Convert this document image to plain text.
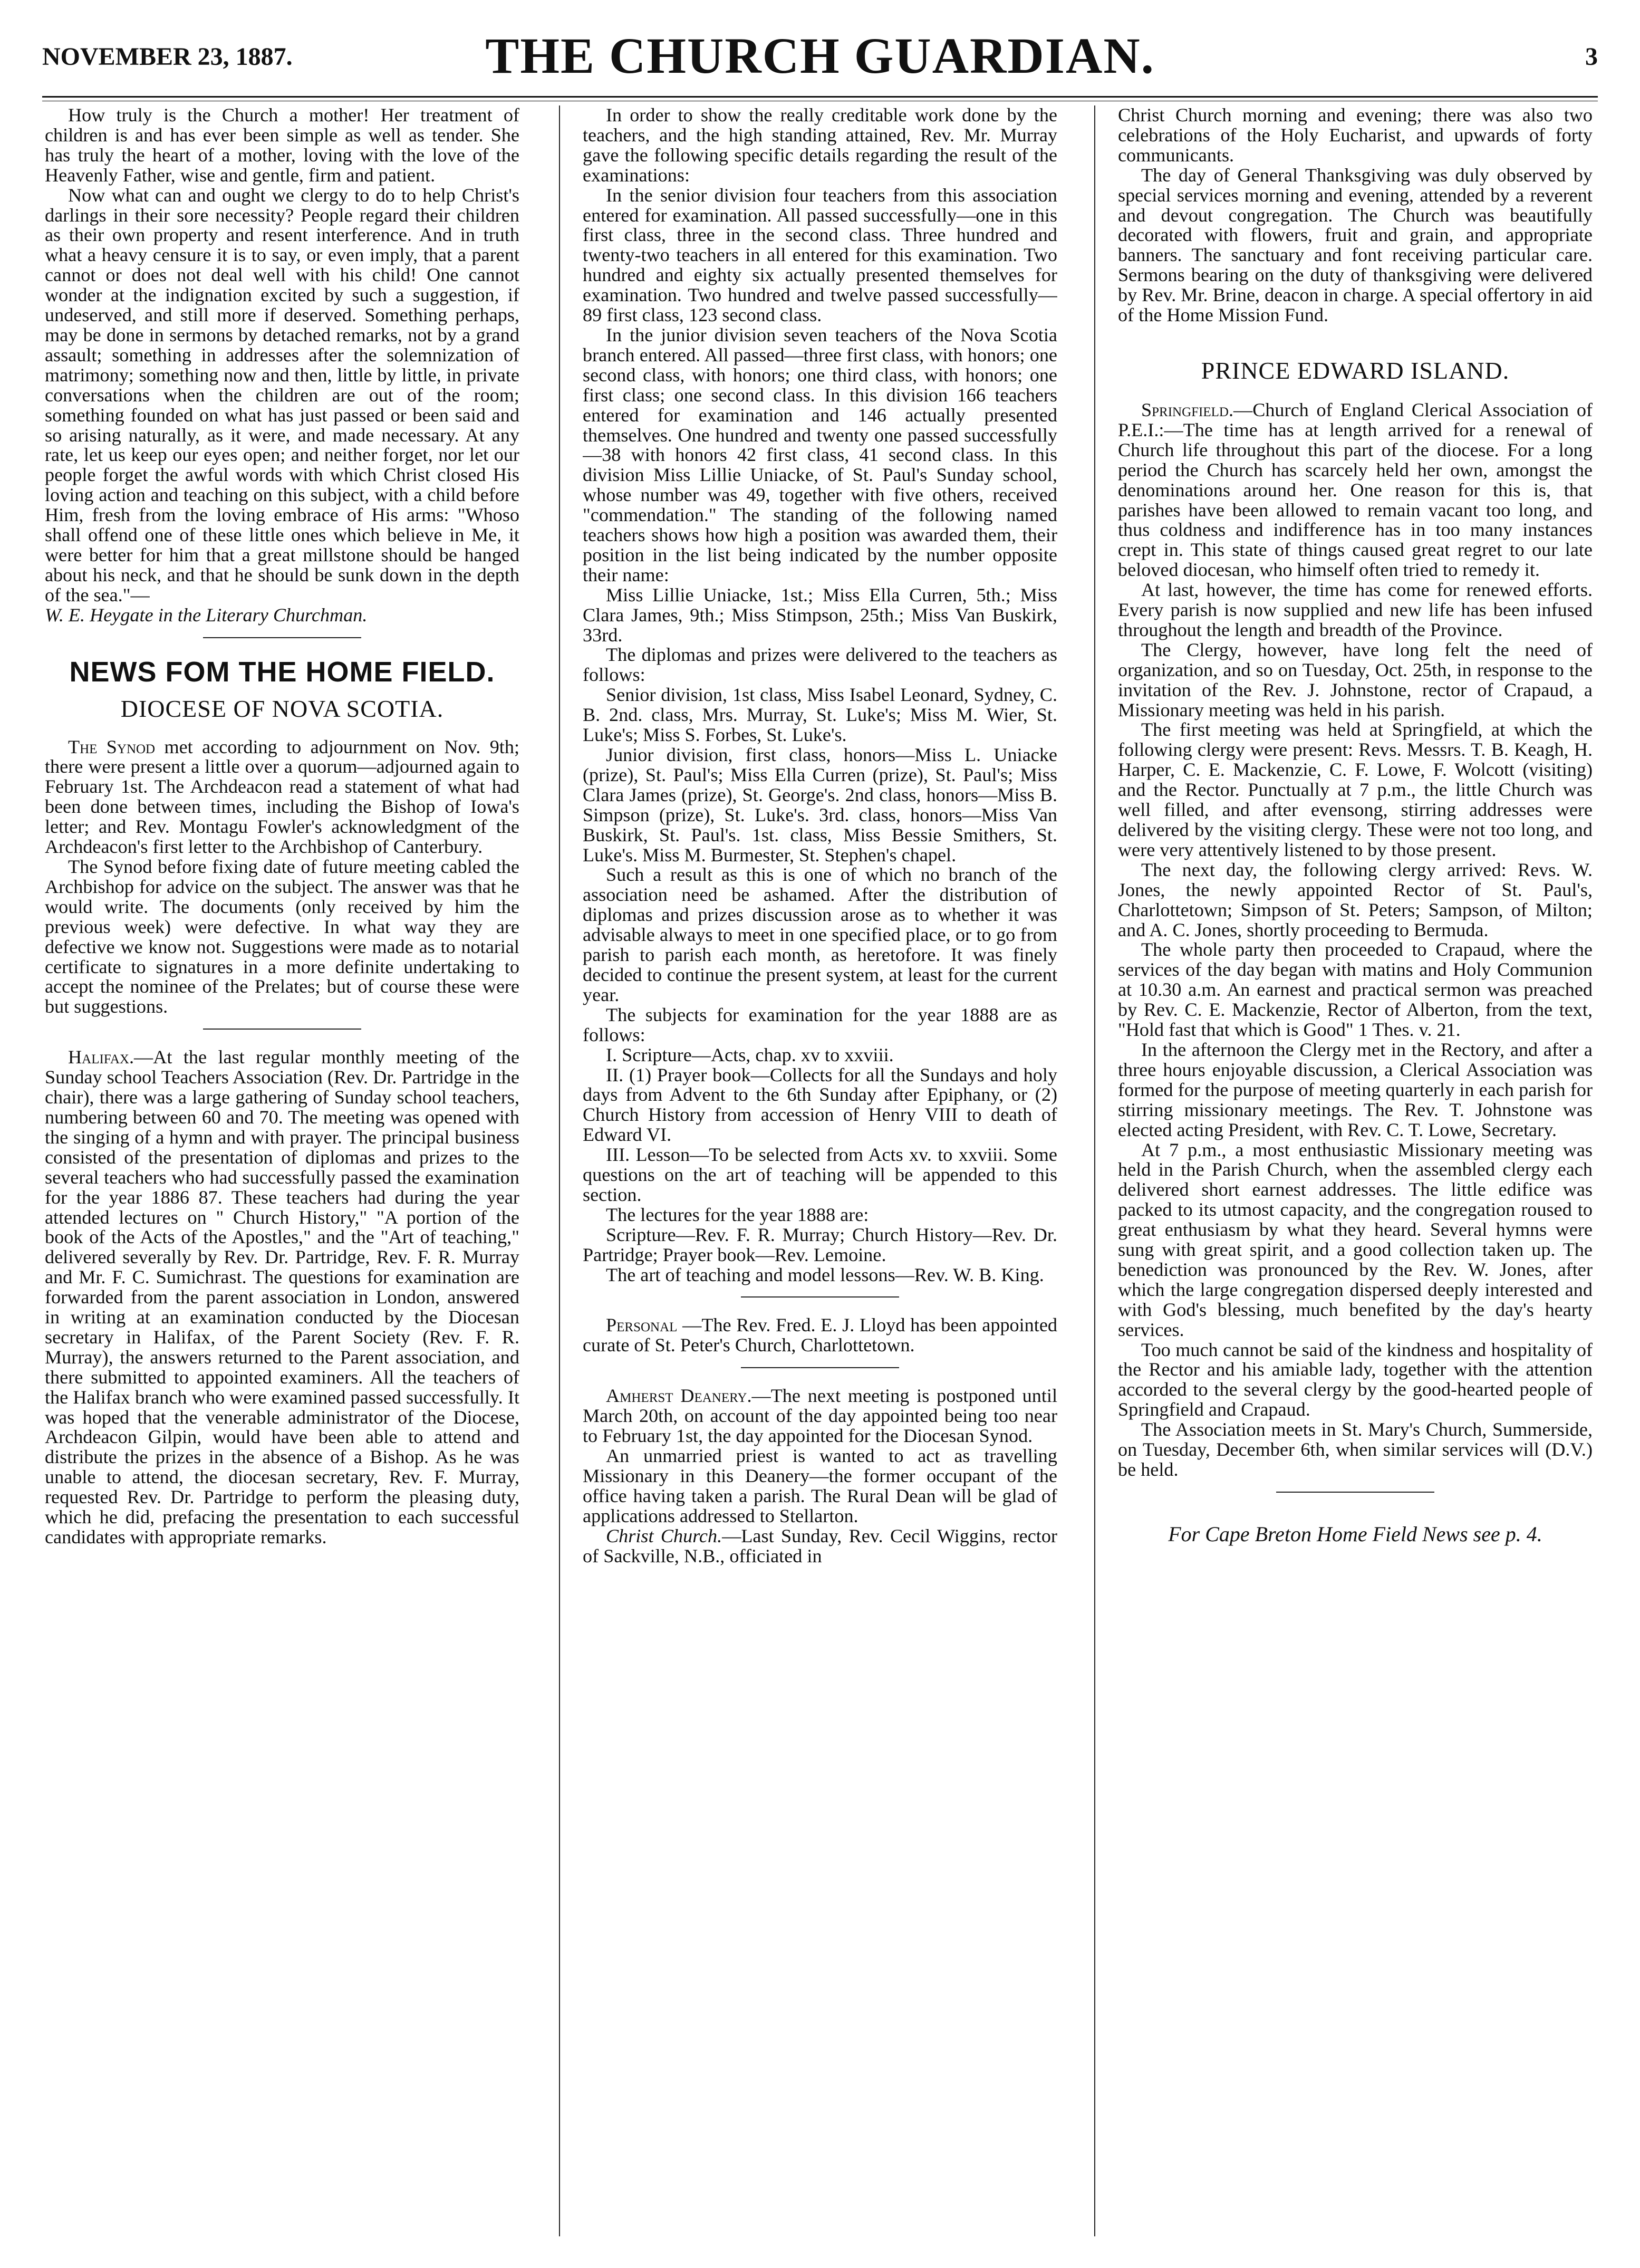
NOVEMBER 23, 1887.	THE CHURCH GUARDIAN.	3

How truly is the Church a mother! Her treatment of children is and has ever been simple as well as tender. She has truly the heart of a mother, loving with the love of the Heavenly Father, wise and gentle, firm and patient.

Now what can and ought we clergy to do to help Christ's darlings in their sore necessity? People regard their children as their own property and resent interference. And in truth what a heavy censure it is to say, or even imply, that a parent cannot or does not deal well with his child! One cannot wonder at the indignation excited by such a suggestion, if undeserved, and still more if deserved. Something perhaps, may be done in sermons by detached remarks, not by a grand assault; something in addresses after the solemnization of matrimony; something now and then, little by little, in private conversations when the children are out of the room; something founded on what has just passed or been said and so arising naturally, as it were, and made necessary. At any rate, let us keep our eyes open; and neither forget, nor let our people forget the awful words with which Christ closed His loving action and teaching on this subject, with a child before Him, fresh from the loving embrace of His arms: "Whoso shall offend one of these little ones which believe in Me, it were better for him that a great millstone should be hanged about his neck, and that he should be sunk down in the depth of the sea."—

W. E. Heygate in the Literary Churchman.

NEWS FOM THE HOME FIELD.
DIOCESE OF NOVA SCOTIA.

The Synod met according to adjournment on Nov. 9th; there were present a little over a quorum—adjourned again to February 1st. The Archdeacon read a statement of what had been done between times, including the Bishop of Iowa's letter; and Rev. Montagu Fowler's acknowledgment of the Archdeacon's first letter to the Archbishop of Canterbury.

The Synod before fixing date of future meeting cabled the Archbishop for advice on the subject. The answer was that he would write. The documents (only received by him the previous week) were defective. In what way they are defective we know not. Suggestions were made as to notarial certificate to signatures in a more definite undertaking to accept the nominee of the Prelates; but of course these were but suggestions.

Halifax.—At the last regular monthly meeting of the Sunday school Teachers Association (Rev. Dr. Partridge in the chair), there was a large gathering of Sunday school teachers, numbering between 60 and 70. The meeting was opened with the singing of a hymn and with prayer. The principal business consisted of the presentation of diplomas and prizes to the several teachers who had successfully passed the examination for the year 1886 87. These teachers had during the year attended lectures on " Church History," "A portion of the book of the Acts of the Apostles," and the "Art of teaching," delivered severally by Rev. Dr. Partridge, Rev. F. R. Murray and Mr. F. C. Sumichrast. The questions for examination are forwarded from the parent association in London, answered in writing at an examination conducted by the Diocesan secretary in Halifax, of the Parent Society (Rev. F. R. Murray), the answers returned to the Parent association, and there submitted to appointed examiners. All the teachers of the Halifax branch who were examined passed successfully. It was hoped that the venerable administrator of the Diocese, Archdeacon Gilpin, would have been able to attend and distribute the prizes in the absence of a Bishop. As he was unable to attend, the diocesan secretary, Rev. F. Murray, requested Rev. Dr. Partridge to perform the pleasing duty, which he did, prefacing the presentation to each successful candidates with appropriate remarks.

In order to show the really creditable work done by the teachers, and the high standing attained, Rev. Mr. Murray gave the following specific details regarding the result of the examinations:

In the senior division four teachers from this association entered for examination. All passed successfully—one in this first class, three in the second class. Three hundred and twenty-two teachers in all entered for this examination. Two hundred and eighty six actually presented themselves for examination. Two hundred and twelve passed successfully—89 first class, 123 second class.

In the junior division seven teachers of the Nova Scotia branch entered. All passed—three first class, with honors; one second class, with honors; one third class, with honors; one first class; one second class. In this division 166 teachers entered for examination and 146 actually presented themselves. One hundred and twenty one passed successfully—38 with honors 42 first class, 41 second class. In this division Miss Lillie Uniacke, of St. Paul's Sunday school, whose number was 49, together with five others, received "commendation." The standing of the following named teachers shows how high a position was awarded them, their position in the list being indicated by the number opposite their name:

Miss Lillie Uniacke, 1st.; Miss Ella Curren, 5th.; Miss Clara James, 9th.; Miss Stimpson, 25th.; Miss Van Buskirk, 33rd.

The diplomas and prizes were delivered to the teachers as follows:

Senior division, 1st class, Miss Isabel Leonard, Sydney, C. B. 2nd. class, Mrs. Murray, St. Luke's; Miss M. Wier, St. Luke's; Miss S. Forbes, St. Luke's.

Junior division, first class, honors—Miss L. Uniacke (prize), St. Paul's; Miss Ella Curren (prize), St. Paul's; Miss Clara James (prize), St. George's. 2nd class, honors—Miss B. Simpson (prize), St. Luke's. 3rd. class, honors—Miss Van Buskirk, St. Paul's. 1st. class, Miss Bessie Smithers, St. Luke's. Miss M. Burmester, St. Stephen's chapel.

Such a result as this is one of which no branch of the association need be ashamed. After the distribution of diplomas and prizes discussion arose as to whether it was advisable always to meet in one specified place, or to go from parish to parish each month, as heretofore. It was finely decided to continue the present system, at least for the current year.

The subjects for examination for the year 1888 are as follows:

I. Scripture—Acts, chap. xv to xxviii.

II. (1) Prayer book—Collects for all the Sundays and holy days from Advent to the 6th Sunday after Epiphany, or (2) Church History from accession of Henry VIII to death of Edward VI.

III. Lesson—To be selected from Acts xv. to xxviii. Some questions on the art of teaching will be appended to this section.

The lectures for the year 1888 are:

Scripture—Rev. F. R. Murray; Church History—Rev. Dr. Partridge; Prayer book—Rev. Lemoine.

The art of teaching and model lessons—Rev. W. B. King.

Personal —The Rev. Fred. E. J. Lloyd has been appointed curate of St. Peter's Church, Charlottetown.

Amherst Deanery.—The next meeting is postponed until March 20th, on account of the day appointed being too near to February 1st, the day appointed for the Diocesan Synod.

An unmarried priest is wanted to act as travelling Missionary in this Deanery—the former occupant of the office having taken a parish. The Rural Dean will be glad of applications addressed to Stellarton.

Christ Church.—Last Sunday, Rev. Cecil Wiggins, rector of Sackville, N.B., officiated in

Christ Church morning and evening; there was also two celebrations of the Holy Eucharist, and upwards of forty communicants.

The day of General Thanksgiving was duly observed by special services morning and evening, attended by a reverent and devout congregation. The Church was beautifully decorated with flowers, fruit and grain, and appropriate banners. The sanctuary and font receiving particular care. Sermons bearing on the duty of thanksgiving were delivered by Rev. Mr. Brine, deacon in charge. A special offertory in aid of the Home Mission Fund.

PRINCE EDWARD ISLAND.

Springfield.—Church of England Clerical Association of P.E.I.:—The time has at length arrived for a renewal of Church life throughout this part of the diocese. For a long period the Church has scarcely held her own, amongst the denominations around her. One reason for this is, that parishes have been allowed to remain vacant too long, and thus coldness and indifference has in too many instances crept in. This state of things caused great regret to our late beloved diocesan, who himself often tried to remedy it.

At last, however, the time has come for renewed efforts. Every parish is now supplied and new life has been infused throughout the length and breadth of the Province.

The Clergy, however, have long felt the need of organization, and so on Tuesday, Oct. 25th, in response to the invitation of the Rev. J. Johnstone, rector of Crapaud, a Missionary meeting was held in his parish.

The first meeting was held at Springfield, at which the following clergy were present: Revs. Messrs. T. B. Keagh, H. Harper, C. E. Mackenzie, C. F. Lowe, F. Wolcott (visiting) and the Rector. Punctually at 7 p.m., the little Church was well filled, and after evensong, stirring addresses were delivered by the visiting clergy. These were not too long, and were very attentively listened to by those present.

The next day, the following clergy arrived: Revs. W. Jones, the newly appointed Rector of St. Paul's, Charlottetown; Simpson of St. Peters; Sampson, of Milton; and A. C. Jones, shortly proceeding to Bermuda.

The whole party then proceeded to Crapaud, where the services of the day began with matins and Holy Communion at 10.30 a.m. An earnest and practical sermon was preached by Rev. C. E. Mackenzie, Rector of Alberton, from the text, "Hold fast that which is Good" 1 Thes. v. 21.

In the afternoon the Clergy met in the Rectory, and after a three hours enjoyable discussion, a Clerical Association was formed for the purpose of meeting quarterly in each parish for stirring missionary meetings. The Rev. T. Johnstone was elected acting President, with Rev. C. T. Lowe, Secretary.

At 7 p.m., a most enthusiastic Missionary meeting was held in the Parish Church, when the assembled clergy each delivered short earnest addresses. The little edifice was packed to its utmost capacity, and the congregation roused to great enthusiasm by what they heard. Several hymns were sung with great spirit, and a good collection taken up. The benediction was pronounced by the Rev. W. Jones, after which the large congregation dispersed deeply interested and with God's blessing, much benefited by the day's hearty services.

Too much cannot be said of the kindness and hospitality of the Rector and his amiable lady, together with the attention accorded to the several clergy by the good-hearted people of Springfield and Crapaud.

The Association meets in St. Mary's Church, Summerside, on Tuesday, December 6th, when similar services will (D.V.) be held.

For Cape Breton Home Field News see p. 4.
